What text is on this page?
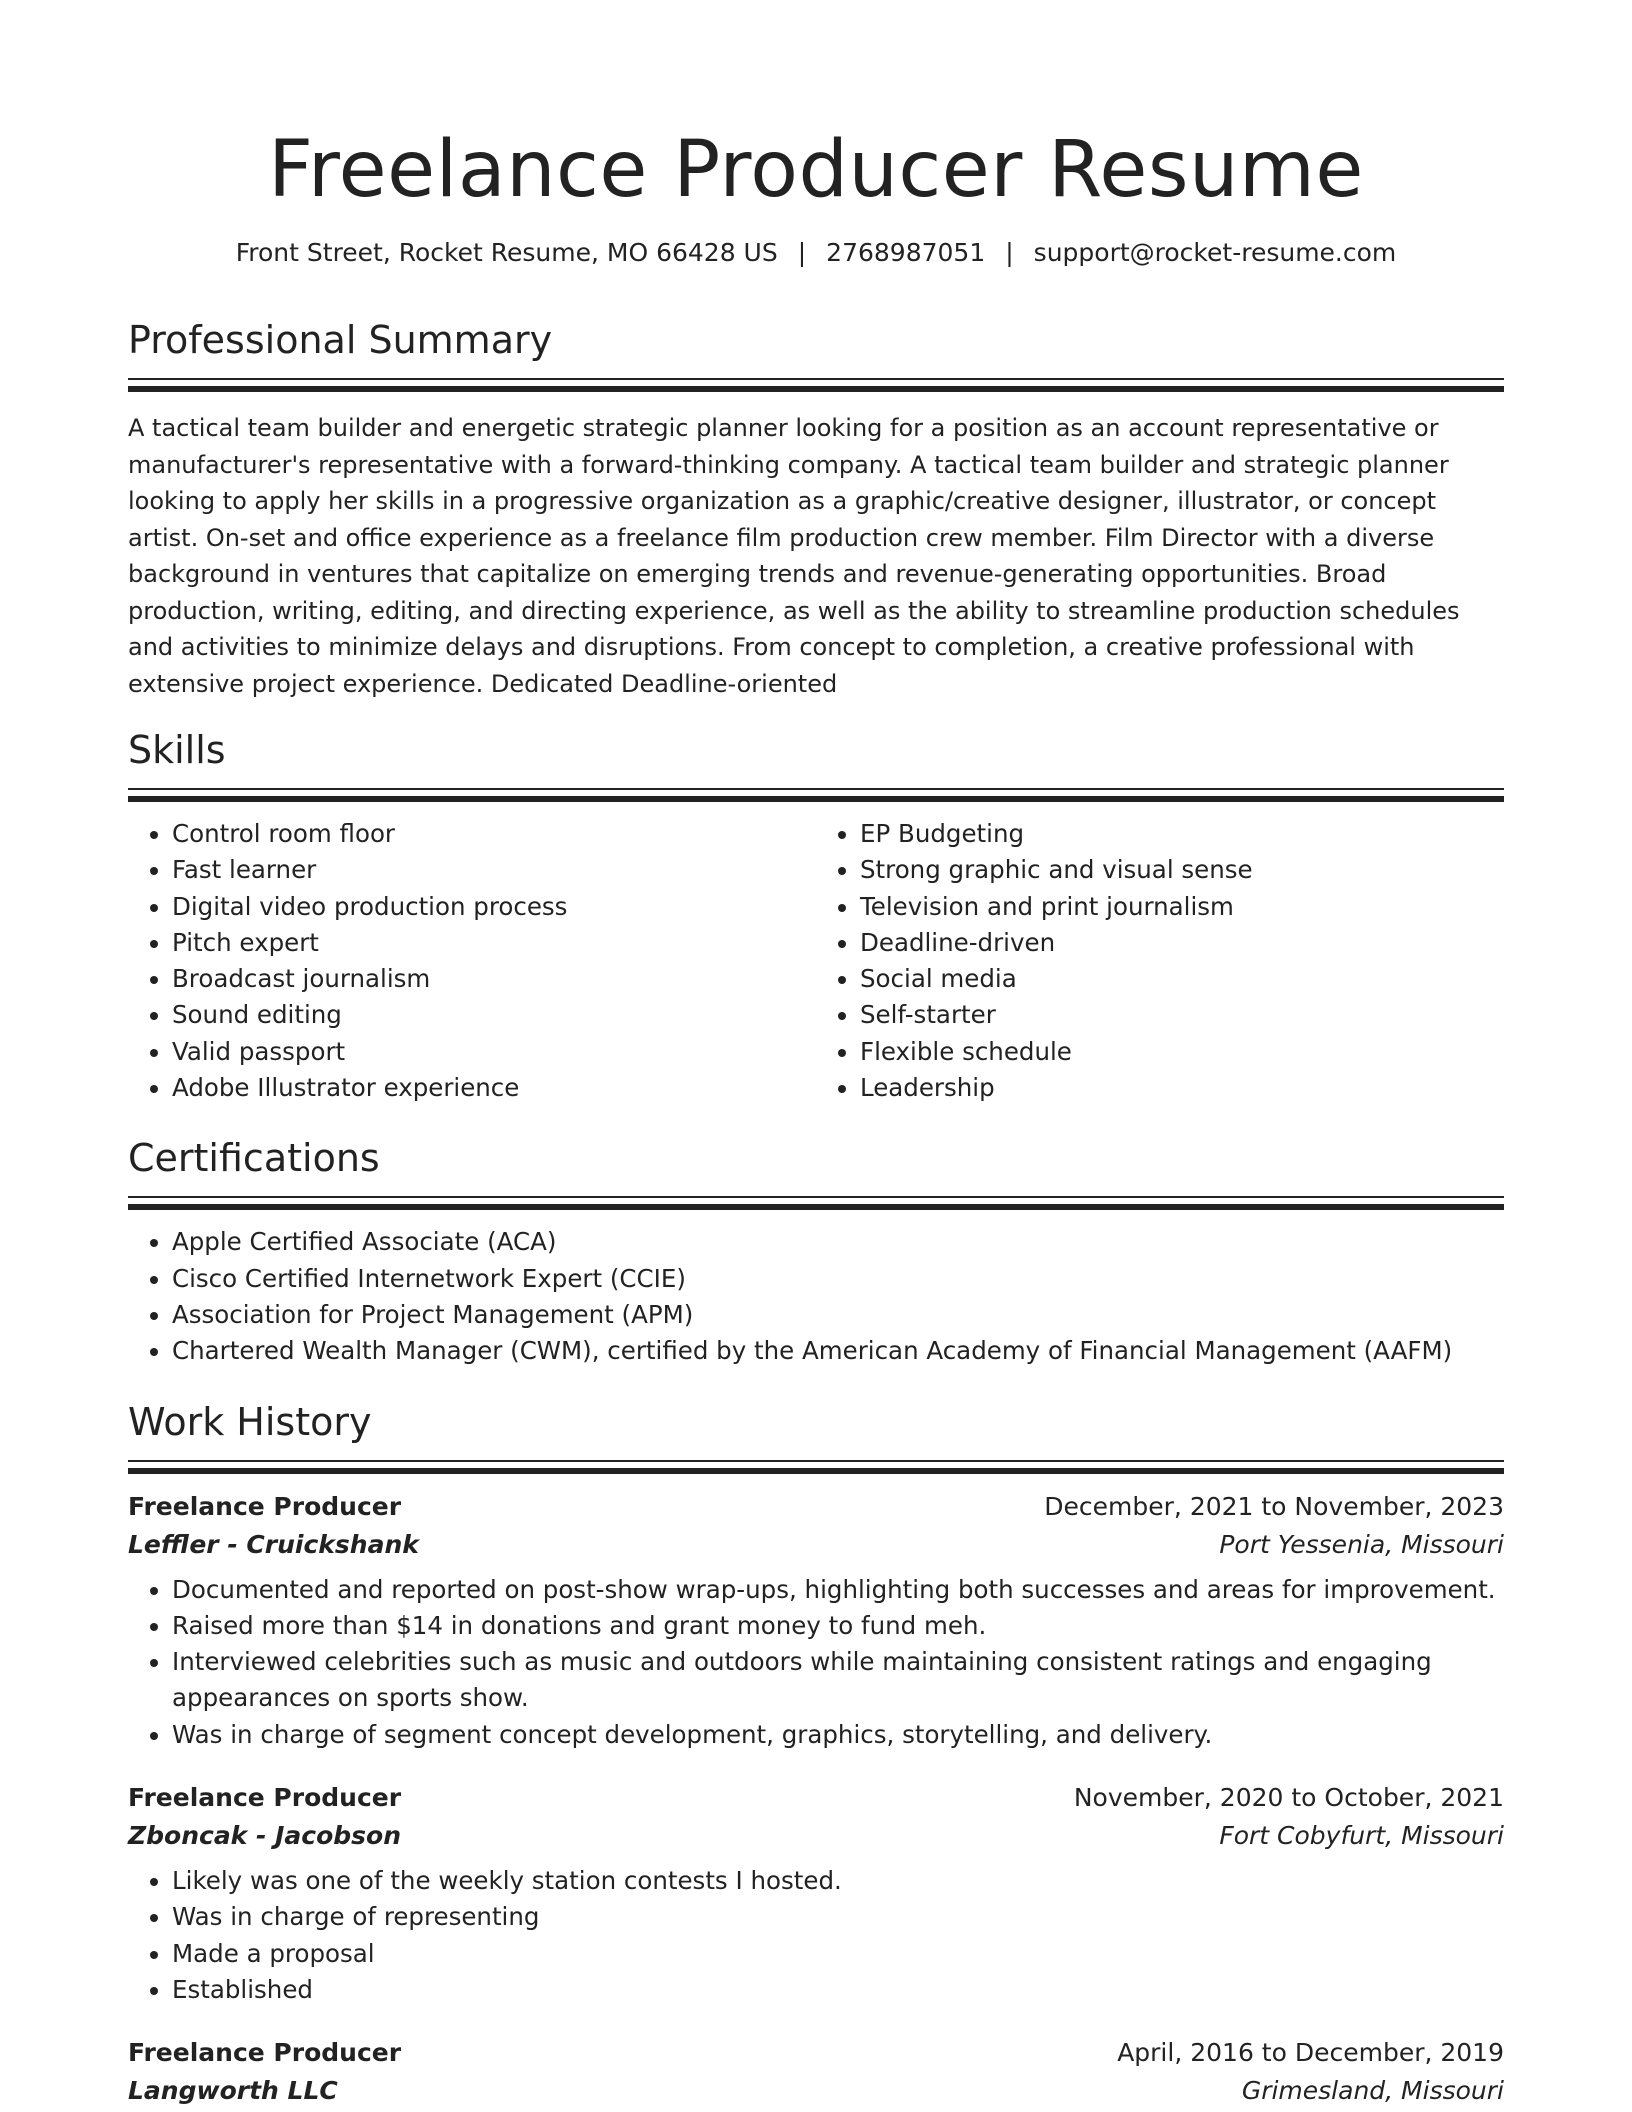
Freelance Producer Resume
Front Street, Rocket Resume, MO 66428 US | 2768987051 | support@rocket-resume.com
Professional Summary

A tactical team builder and energetic strategic planner looking for a position as an account representative or manufacturer's representative with a forward-thinking company. A tactical team builder and strategic planner looking to apply her skills in a progressive organization as a graphic/creative designer, illustrator, or concept artist. On-set and office experience as a freelance film production crew member. Film Director with a diverse background in ventures that capitalize on emerging trends and revenue-generating opportunities. Broad production, writing, editing, and directing experience, as well as the ability to streamline production schedules and activities to minimize delays and disruptions. From concept to completion, a creative professional with extensive project experience. Dedicated Deadline-oriented

Skills
• Control room floor
• Fast learner
• Digital video production process
• Pitch expert
• Broadcast journalism
• Sound editing
• Valid passport
• Adobe Illustrator experience
• EP Budgeting
• Strong graphic and visual sense
• Television and print journalism
• Deadline-driven
• Social media
• Self-starter
• Flexible schedule
• Leadership
Certifications
• Apple Certified Associate (ACA)
• Cisco Certified Internetwork Expert (CCIE)
• Association for Project Management (APM)
• Chartered Wealth Manager (CWM), certified by the American Academy of Financial Management (AAFM)
Work History
Freelance Producer	December, 2021 to November, 2023
Leffler - Cruickshank	Port Yessenia, Missouri
• Documented and reported on post-show wrap-ups, highlighting both successes and areas for improvement.
• Raised more than $14 in donations and grant money to fund meh.
• Interviewed celebrities such as music and outdoors while maintaining consistent ratings and engaging appearances on sports show.
• Was in charge of segment concept development, graphics, storytelling, and delivery.
Freelance Producer	November, 2020 to October, 2021
Zboncak - Jacobson	Fort Cobyfurt, Missouri
• Likely was one of the weekly station contests I hosted.
• Was in charge of representing
• Made a proposal
• Established
Freelance Producer	April, 2016 to December, 2019
Langworth LLC	Grimesland, Missouri
